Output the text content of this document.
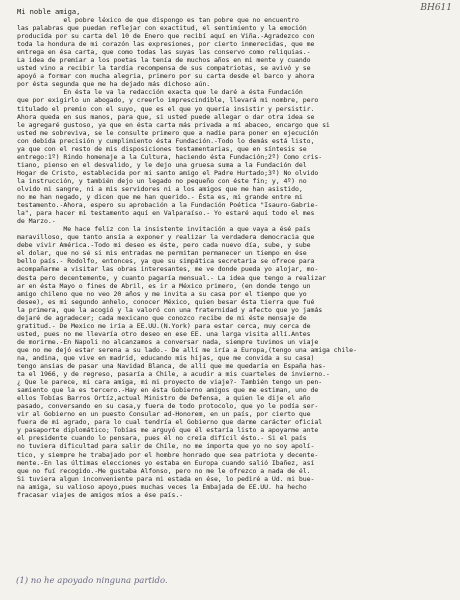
BH611
Mi noble amiga,
el pobre léxico de que dispongo es tan pobre que no encuentro
las palabras que puedan reflejar con exactitud, el sentimiento y la emoción
producida por su carta del 10 de Enero que recibí aquí en Viña.-Agradezco con
toda la hondura de mi corazón las expresiones, por cierto inmerecidas, que me
entrega en ésa carta, que como todas las suyas las conservo como reliquias.-
La idea de premiar a los poetas la tenía de muchos años en mi mente y cuando
usted vino a recibir la tardía recompensa de sus compatriotas, se avivó y se
apoyó a formar con mucha alegria, primero por su carta desde el barco y ahora
por ésta segunda que me ha dejado más dichoso aún.
En ésta le va la redacción exacta que le daré a ésta Fundación
que por exigirlo un abogado, y creerlo imprescindible, llevará mi nombre, pero
titulado el premio con el suyo, que es el que yo quería insistir y persistir.
Ahora queda en sus manos, para que, si usted puede allegar o dar otra idea se
le agregaré gustoso, ya que en ésta carta más privada a mí abaceo, encargo que si
usted me sobreviva, se le consulte primero que a nadie para poner en ejecución
con debida precisión y cumplimiento ésta Fundación.-Todo lo demás está listo,
ya que con el resto de mis disposiciones testamentarias, que en síntesis se
entrego:1º) Rindo homenaje a la Cultura, haciendo ésta Fundación;2º) Como cris-
tiano, pienso en el desvalido, y le dejo una gruesa suma a la Fundación del
Hogar de Cristo, establecida por mi santo amigo el Padre Hurtado;3º) No olvido
la instrucción, y también dejo un legado no pequeño con éste fin; y, 4º) no
olvido mi sangre, ni a mis servidores ni a los amigos que me han asistido,
no me han negado, y dicen que me han querido.- Ésta es, mi grande entre mi
testamento.-Ahora, espero su aprobación a la Fundación Poética "Isauro-Gabrie-
la", para hacer mi testamento aquí en Valparaíso.- Yo estaré aquí todo el mes
de Marzo.-
Me hace feliz con la insistente invitación a que vaya a ésé país
maravilloso, que tanto ansía a exponer y realizar la verdadera democracia que
debe vivir América.-Todo mi deseo es éste, pero cada nuevo día, sube, y sube
el dolar, que no sé si mis entradas me permitan permanecer un tiempo en ése
bello país.- Rodolfo, entonces, ya que su simpática secretaria se ofrece para
acompañarme a visitar las obras interesantes, me ve donde pueda yo alojar, mo-
desta pero decentemente, y cuanto pagaría mensual.- La idea que tengo a realizar
ar en ésta Mayo o fines de Abril, es ir a México primero, (en donde tengo un
amigo chileno que no veo 20 años y me invita a su casa por el tiempo que yo
desee), es mi segundo anhelo, conocer México, quien besar ésta tierra que fué
la primera, que la acogió y la valoró con una fraternidad y afecto que yo jamás
dejaré de agradecer; cada mexicano que conozco recibe de mi éste mensaje de
gratitud.- De Mexico me iría a EE.UU.(N.York) para estar cerca, muy cerca de
usted, pues no me llevaría otro deseo en ese EE. una larga visita allí.Antes
de morirme.-En Napoli no alcanzamos a conversar nada, siempre tuvimos un viaje
que no me dejó estar serena a su lado.- De allí me iría a Europa,(tengo una amiga chile-
na, andina, que vive en madrid, educando mis hijas, que me convida a su casa)
tengo ansias de pasar una Navidad Blanca, de allí que me quedaría en España has-
ta el 1966, y de regreso, pasaría a Chile, a acudir a mis cuarteles de invierno.-
¿ Que le parece, mi cara amiga, mi mi proyecto de viaje?- También tengo un pen-
samiento que la es tercero.-Hay en ésta Gobierno amigos que me estiman, uno de
ellos Tobías Barros Ortíz,actual Ministro de Defensa, a quien le dije el año
pasado, conversando en su casa,y fuera de todo protocolo, que yo le podía ser-
vir al Gobierno en un puesto Consular ad-Honorem, en un país, por cierto que
fuera de mi agrado, para lo cual tendría el Gobierno que darme carácter oficial
y pasaporte diplomático; Tobías me arguyó que él estaría listo a apoyarme ante
el presidente cuando lo pensara, pues él no creía difícil ésto.- Si el país
no tuviera dificultad para salir de Chile, no me importa que yo no soy apolí-
tico, y siempre he trabajado por el hombre honrado que sea patriota y decente-
mente.-En las últimas elecciones yo estaba en Europa cuando salió Ibañez, así
que no fuí recogido.-Me gustaba Alfonso, pero no me le ofrezco a nada de él.
Si tuviera algun inconveniente para mi estada en ése, lo pediré a Ud. mi bue-
na amiga, su valioso apoyo,pues muchas veces la Embajada de EE.UU. ha hecho
fracasar viajes de amigos míos a ése país.-
(1) no he apoyado ninguna partido.
